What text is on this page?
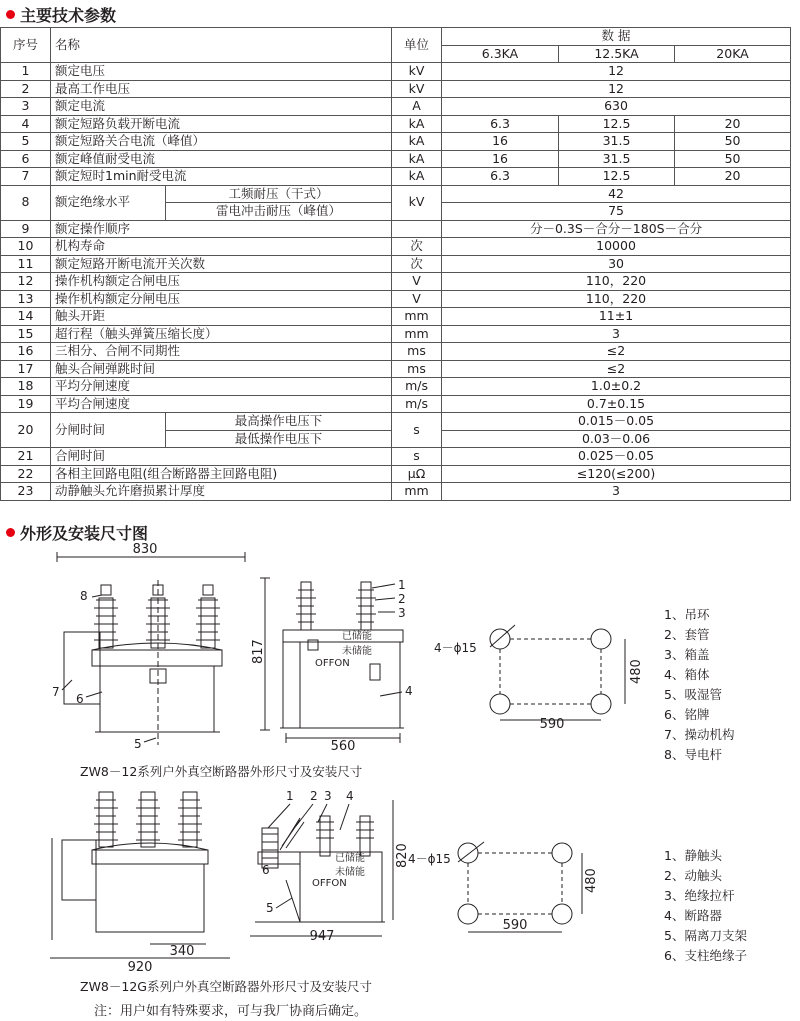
主要技术参数
序号	名称		单位	数 据		
				6.3KA	12.5KA	20KA
1	额定电压		kV	12		
2	最高工作电压		kV	12		
3	额定电流		A	630		
4	额定短路负载开断电流		kA	6.3	12.5	20
5	额定短路关合电流（峰值）		kA	16	31.5	50
6	额定峰值耐受电流		kA	16	31.5	50
7	额定短时1min耐受电流		kA	6.3	12.5	20
8	额定绝缘水平	工频耐压（干式）	kV	42		
		雷电冲击耐压（峰值）		75		
9	额定操作顺序			分－0.3S－合分－180S－合分		
10	机构寿命		次	10000		
11	额定短路开断电流开关次数		次	30		
12	操作机构额定合闸电压		V	110，220		
13	操作机构额定分闸电压		V	110，220		
14	触头开距		mm	11±1		
15	超行程（触头弹簧压缩长度）		mm	3		
16	三相分、合闸不同期性		ms	≤2		
17	触头合闸弹跳时间		ms	≤2		
18	平均分闸速度		m/s	1.0±0.2		
19	平均合闸速度		m/s	0.7±0.15		
20	分闸时间	最高操作电压下	s	0.015－0.05		
		最低操作电压下		0.03－0.06		
21	合闸时间		s	0.025－0.05		
22	各相主回路电阻(组合断路器主回路电阻)		μΩ	≤120(≤200)		
23	动静触头允许磨损累计厚度		mm	3		
外形及安装尺寸图
830
8
7 6
5
817
已储能
未储能
OFFON
560
1
2
3
4
480
590
4－ϕ15
340
920
已储能
未储能
OFFON
947
820
1 2 3 4
6
5
480
590
4－ϕ15
1、吊环
2、套管
3、箱盖
4、箱体
5、吸湿管
6、铭牌
7、操动机构
8、导电杆
1、静触头
2、动触头
3、绝缘拉杆
4、断路器
5、隔离刀支架
6、支柱绝缘子
ZW8－12系列户外真空断路器外形尺寸及安装尺寸
ZW8－12G系列户外真空断路器外形尺寸及安装尺寸
注：用户如有特殊要求，可与我厂协商后确定。
